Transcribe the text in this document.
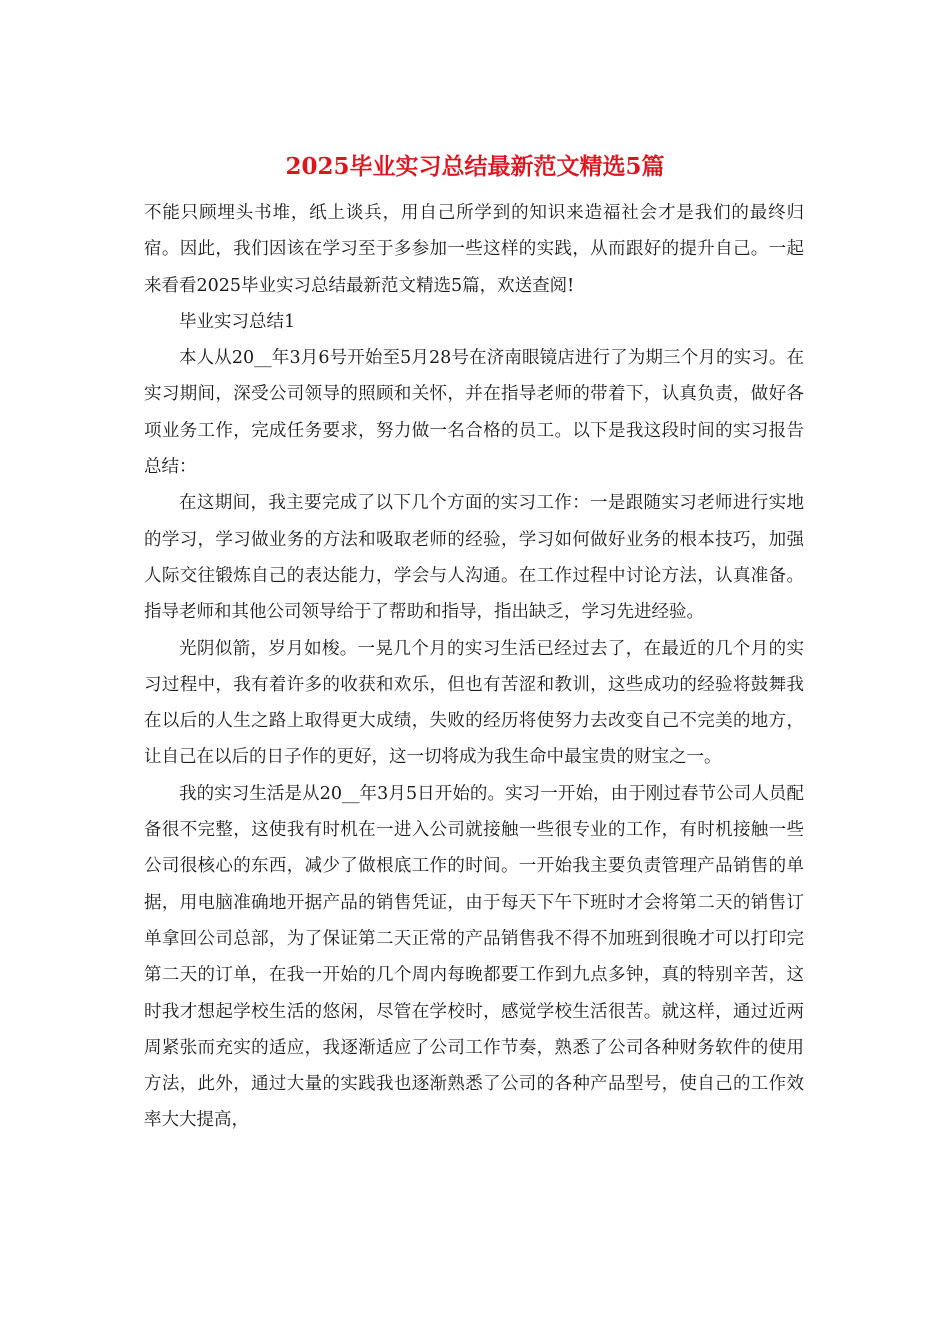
2025毕业实习总结最新范文精选5篇

不能只顾埋头书堆，纸上谈兵，用自己所学到的知识来造福社会才是我们的最终归宿。因此，我们因该在学习至于多参加一些这样的实践，从而跟好的提升自己。一起来看看2025毕业实习总结最新范文精选5篇，欢送查阅!

毕业实习总结1

本人从20__年3月6号开始至5月28号在济南眼镜店进行了为期三个月的实习。在实习期间，深受公司领导的照顾和关怀，并在指导老师的带着下，认真负责，做好各项业务工作，完成任务要求，努力做一名合格的员工。以下是我这段时间的实习报告总结：

在这期间，我主要完成了以下几个方面的实习工作：一是跟随实习老师进行实地的学习，学习做业务的方法和吸取老师的经验，学习如何做好业务的根本技巧，加强人际交往锻炼自己的表达能力，学会与人沟通。在工作过程中讨论方法，认真准备。指导老师和其他公司领导给于了帮助和指导，指出缺乏，学习先进经验。

光阴似箭，岁月如梭。一晃几个月的实习生活已经过去了，在最近的几个月的实习过程中，我有着许多的收获和欢乐，但也有苦涩和教训，这些成功的经验将鼓舞我在以后的人生之路上取得更大成绩，失败的经历将使努力去改变自己不完美的地方，让自己在以后的日子作的更好，这一切将成为我生命中最宝贵的财宝之一。

我的实习生活是从20__年3月5日开始的。实习一开始，由于刚过春节公司人员配备很不完整，这使我有时机在一进入公司就接触一些很专业的工作，有时机接触一些公司很核心的东西，减少了做根底工作的时间。一开始我主要负责管理产品销售的单据，用电脑准确地开据产品的销售凭证，由于每天下午下班时才会将第二天的销售订单拿回公司总部，为了保证第二天正常的产品销售我不得不加班到很晚才可以打印完第二天的订单，在我一开始的几个周内每晚都要工作到九点多钟，真的特别辛苦，这时我才想起学校生活的悠闲，尽管在学校时，感觉学校生活很苦。就这样，通过近两周紧张而充实的适应，我逐渐适应了公司工作节奏，熟悉了公司各种财务软件的使用方法，此外，通过大量的实践我也逐渐熟悉了公司的各种产品型号，使自己的工作效率大大提高，
